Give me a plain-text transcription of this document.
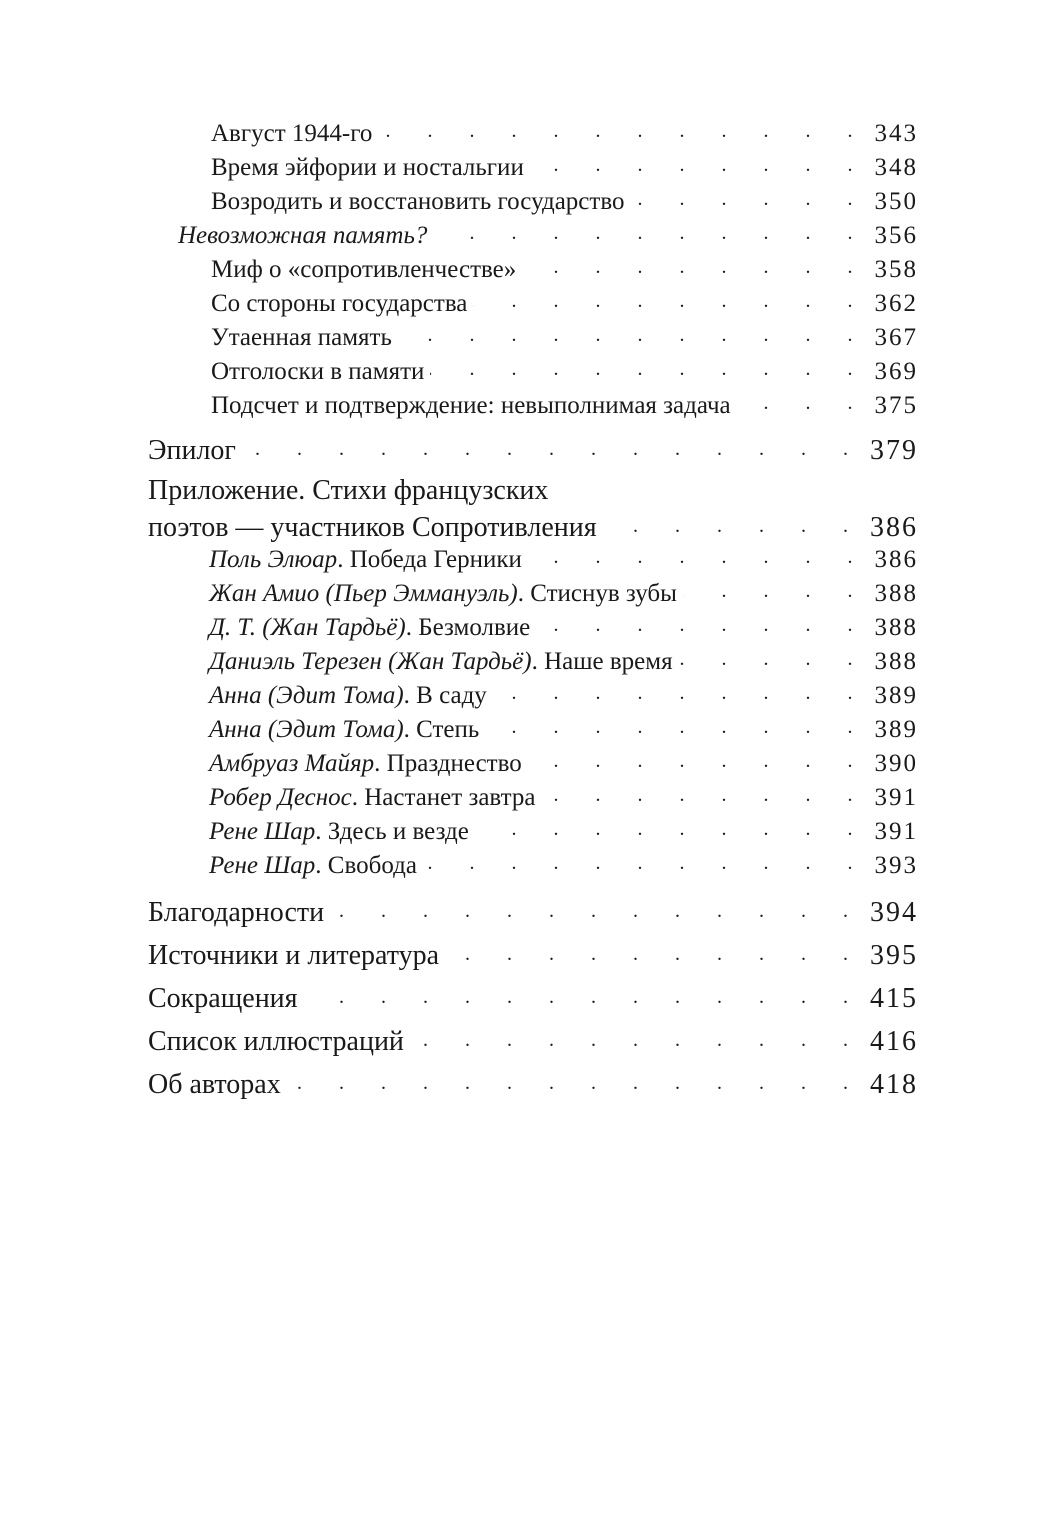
Август 1944-го . . .	343
Время эйфории и ностальгии . . .	348
Возродить и восстановить государство . . .	350
Невозможная память? . . .	356
Миф о «сопротивленчестве» . . .	358
Со стороны государства . . .	362
Утаенная память . . .	367
Отголоски в памяти . . .	369
Подсчет и подтверждение: невыполнимая задача . . .	375
Эпилог . . .	379
Приложение. Стихи французских
поэтов — участников Сопротивления . . .	386
Поль Элюар. Победа Герники . . .	386
Жан Амио (Пьер Эммануэль). Стиснув зубы . . .	388
Д. Т. (Жан Тардьё). Безмолвие . . .	388
Даниэль Терезен (Жан Тардьё). Наше время . . .	388
Анна (Эдит Тома). В саду . . .	389
Анна (Эдит Тома). Степь . . .	389
Амбруаз Майяр. Празднество . . .	390
Робер Деснос. Настанет завтра . . .	391
Рене Шар. Здесь и везде . . .	391
Рене Шар. Свобода . . .	393
Благодарности . . .	394
Источники и литература . . .	395
Сокращения . . .	415
Список иллюстраций . . .	416
Об авторах . . .	418
